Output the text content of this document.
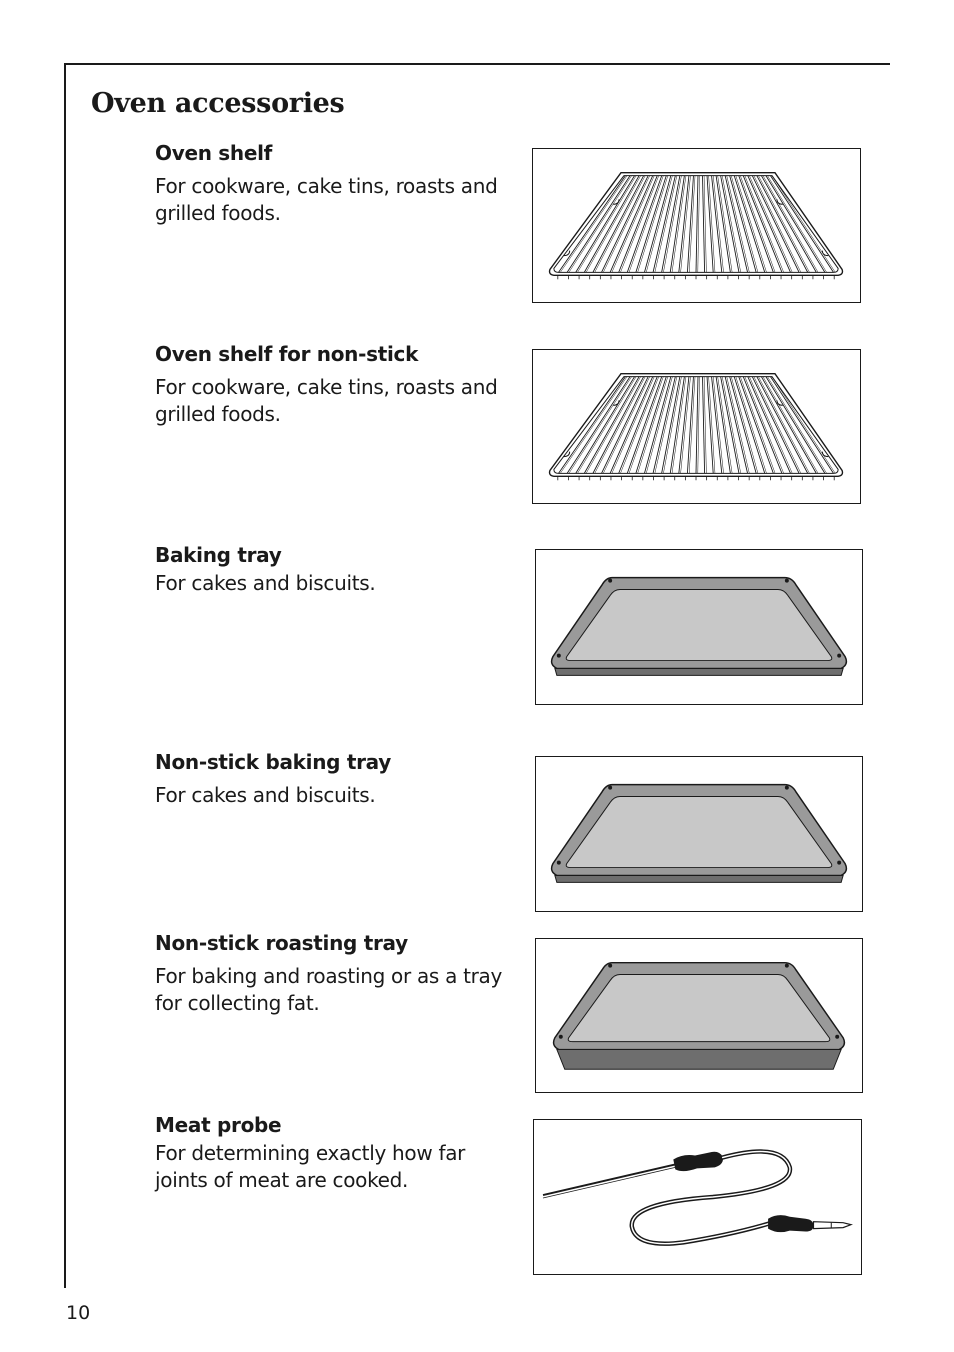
Oven accessories
Oven shelf

For cookware, cake tins, roasts and grilled foods.

Oven shelf for non-stick

For cookware, cake tins, roasts and grilled foods.

Baking tray

For cakes and biscuits.

Non-stick baking tray

For cakes and biscuits.

Non-stick roasting tray

For baking and roasting or as a tray for collecting fat.

Meat probe

For determining exactly how far joints of meat are cooked.

10
